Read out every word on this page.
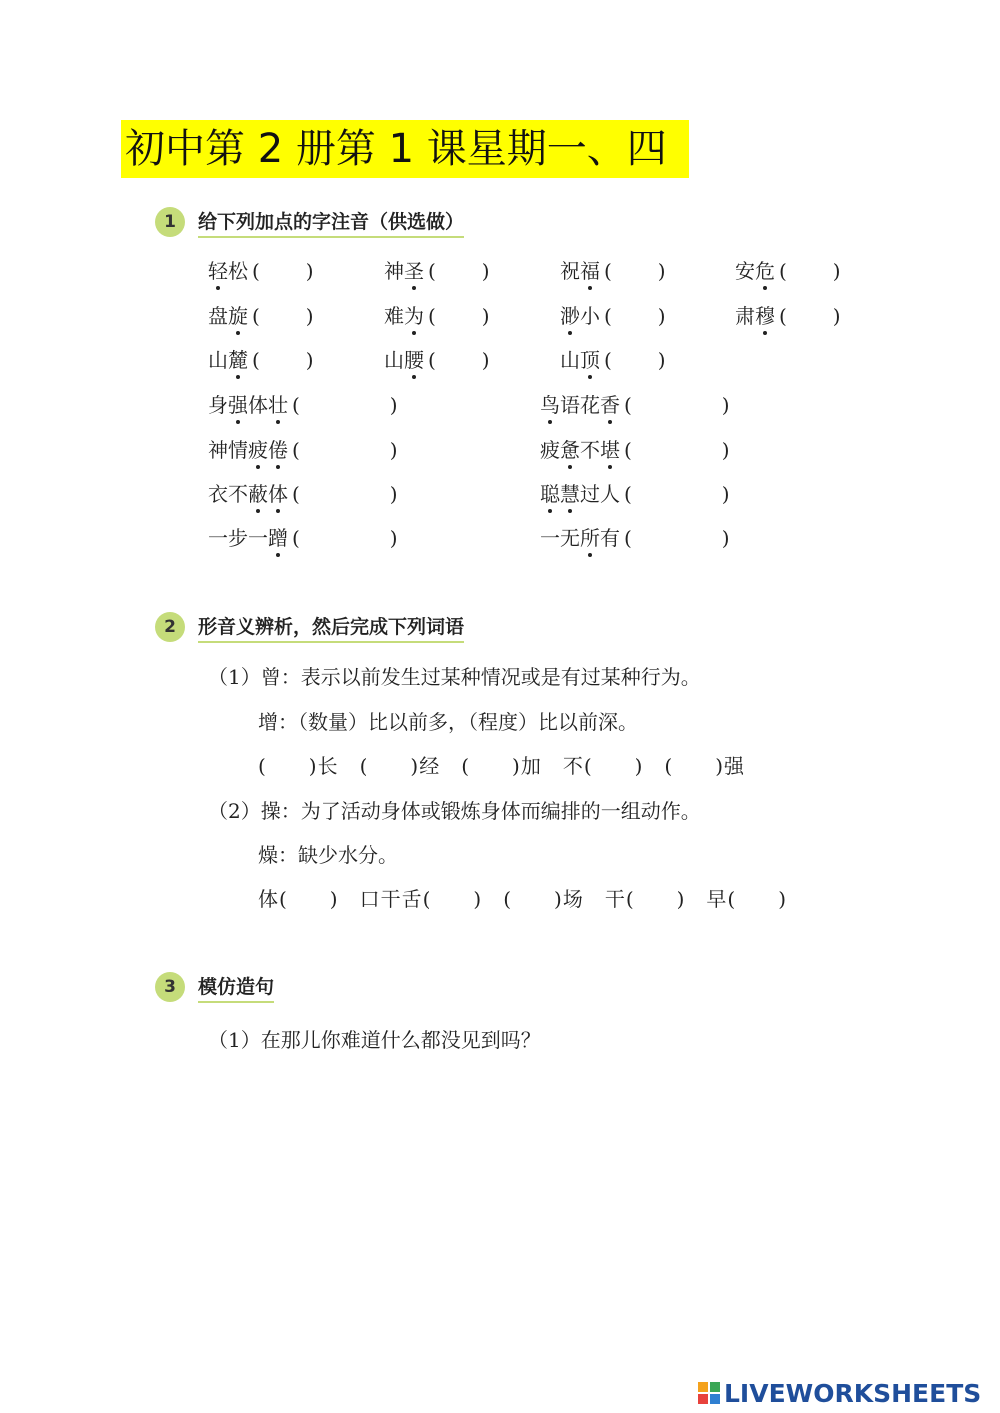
初中第 2 册第 1 课星期一、四
1	给下列加点的字注音（供选做）
轻松 (　　)	神圣 (　　)	祝福 (　　)	安危 (　　)
盘旋 (　　)	难为 (　　)	渺小 (　　)	肃穆 (　　)
山麓 (　　)	山腰 (　　)	山顶 (　　)
身强体壮 (　　　　)	鸟语花香 (　　　　)
神情疲倦 (　　　　)	疲惫不堪 (　　　　)
衣不蔽体 (　　　　)	聪慧过人 (　　　　)
一步一蹭 (　　　　)	一无所有 (　　　　)
2	形音义辨析，然后完成下列词语
（1）曾：表示以前发生过某种情况或是有过某种行为。
增：（数量）比以前多，（程度）比以前深。
(　　)长　(　　)经　(　　)加　不(　　)　(　　)强
（2）操：为了活动身体或锻炼身体而编排的一组动作。
燥：缺少水分。
体(　　)　口干舌(　　)　(　　)场　干(　　)　早(　　)
3	模仿造句
（1）在那儿你难道什么都没见到吗？
LIVEWORKSHEETS
